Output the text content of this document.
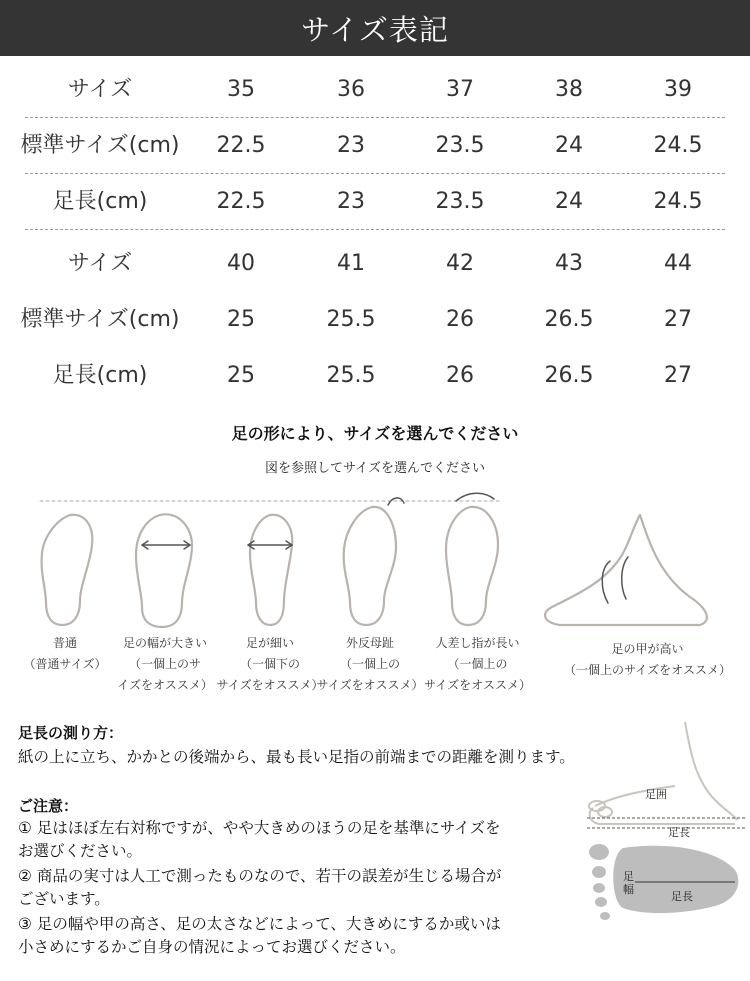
サイズ表記
サイズ	35	36	37	38	39
標準サイズ(cm)	22.5	23	23.5	24	24.5
足長(cm)	22.5	23	23.5	24	24.5
サイズ	40	41	42	43	44
標準サイズ(cm)	25	25.5	26	26.5	27
足長(cm)	25	25.5	26	26.5	27
足の形により、サイズを選んでください
図を参照してサイズを選んでください
普通
（普通サイズ）
足の幅が大きい
（一個上のサ
イズをオススメ）
足が細い
（一個下の
サイズをオススメ）
外反母趾
（一個上の
サイズをオススメ）
人差し指が長い
（一個上の
サイズをオススメ）
足の甲が高い
（一個上のサイズをオススメ）
足長の測り方：
紙の上に立ち、かかとの後端から、最も長い足指の前端までの距離を測ります。
ご注意：
① 足はほぼ左右対称ですが、やや大きめのほうの足を基準にサイズを
お選びください。
② 商品の実寸は人工で測ったものなので、若干の誤差が生じる場合が
ございます。
③ 足の幅や甲の高さ、足の太さなどによって、大きめにするか或いは
小さめにするかご自身の情況によってお選びください。
足囲
足長
足
幅
足長
